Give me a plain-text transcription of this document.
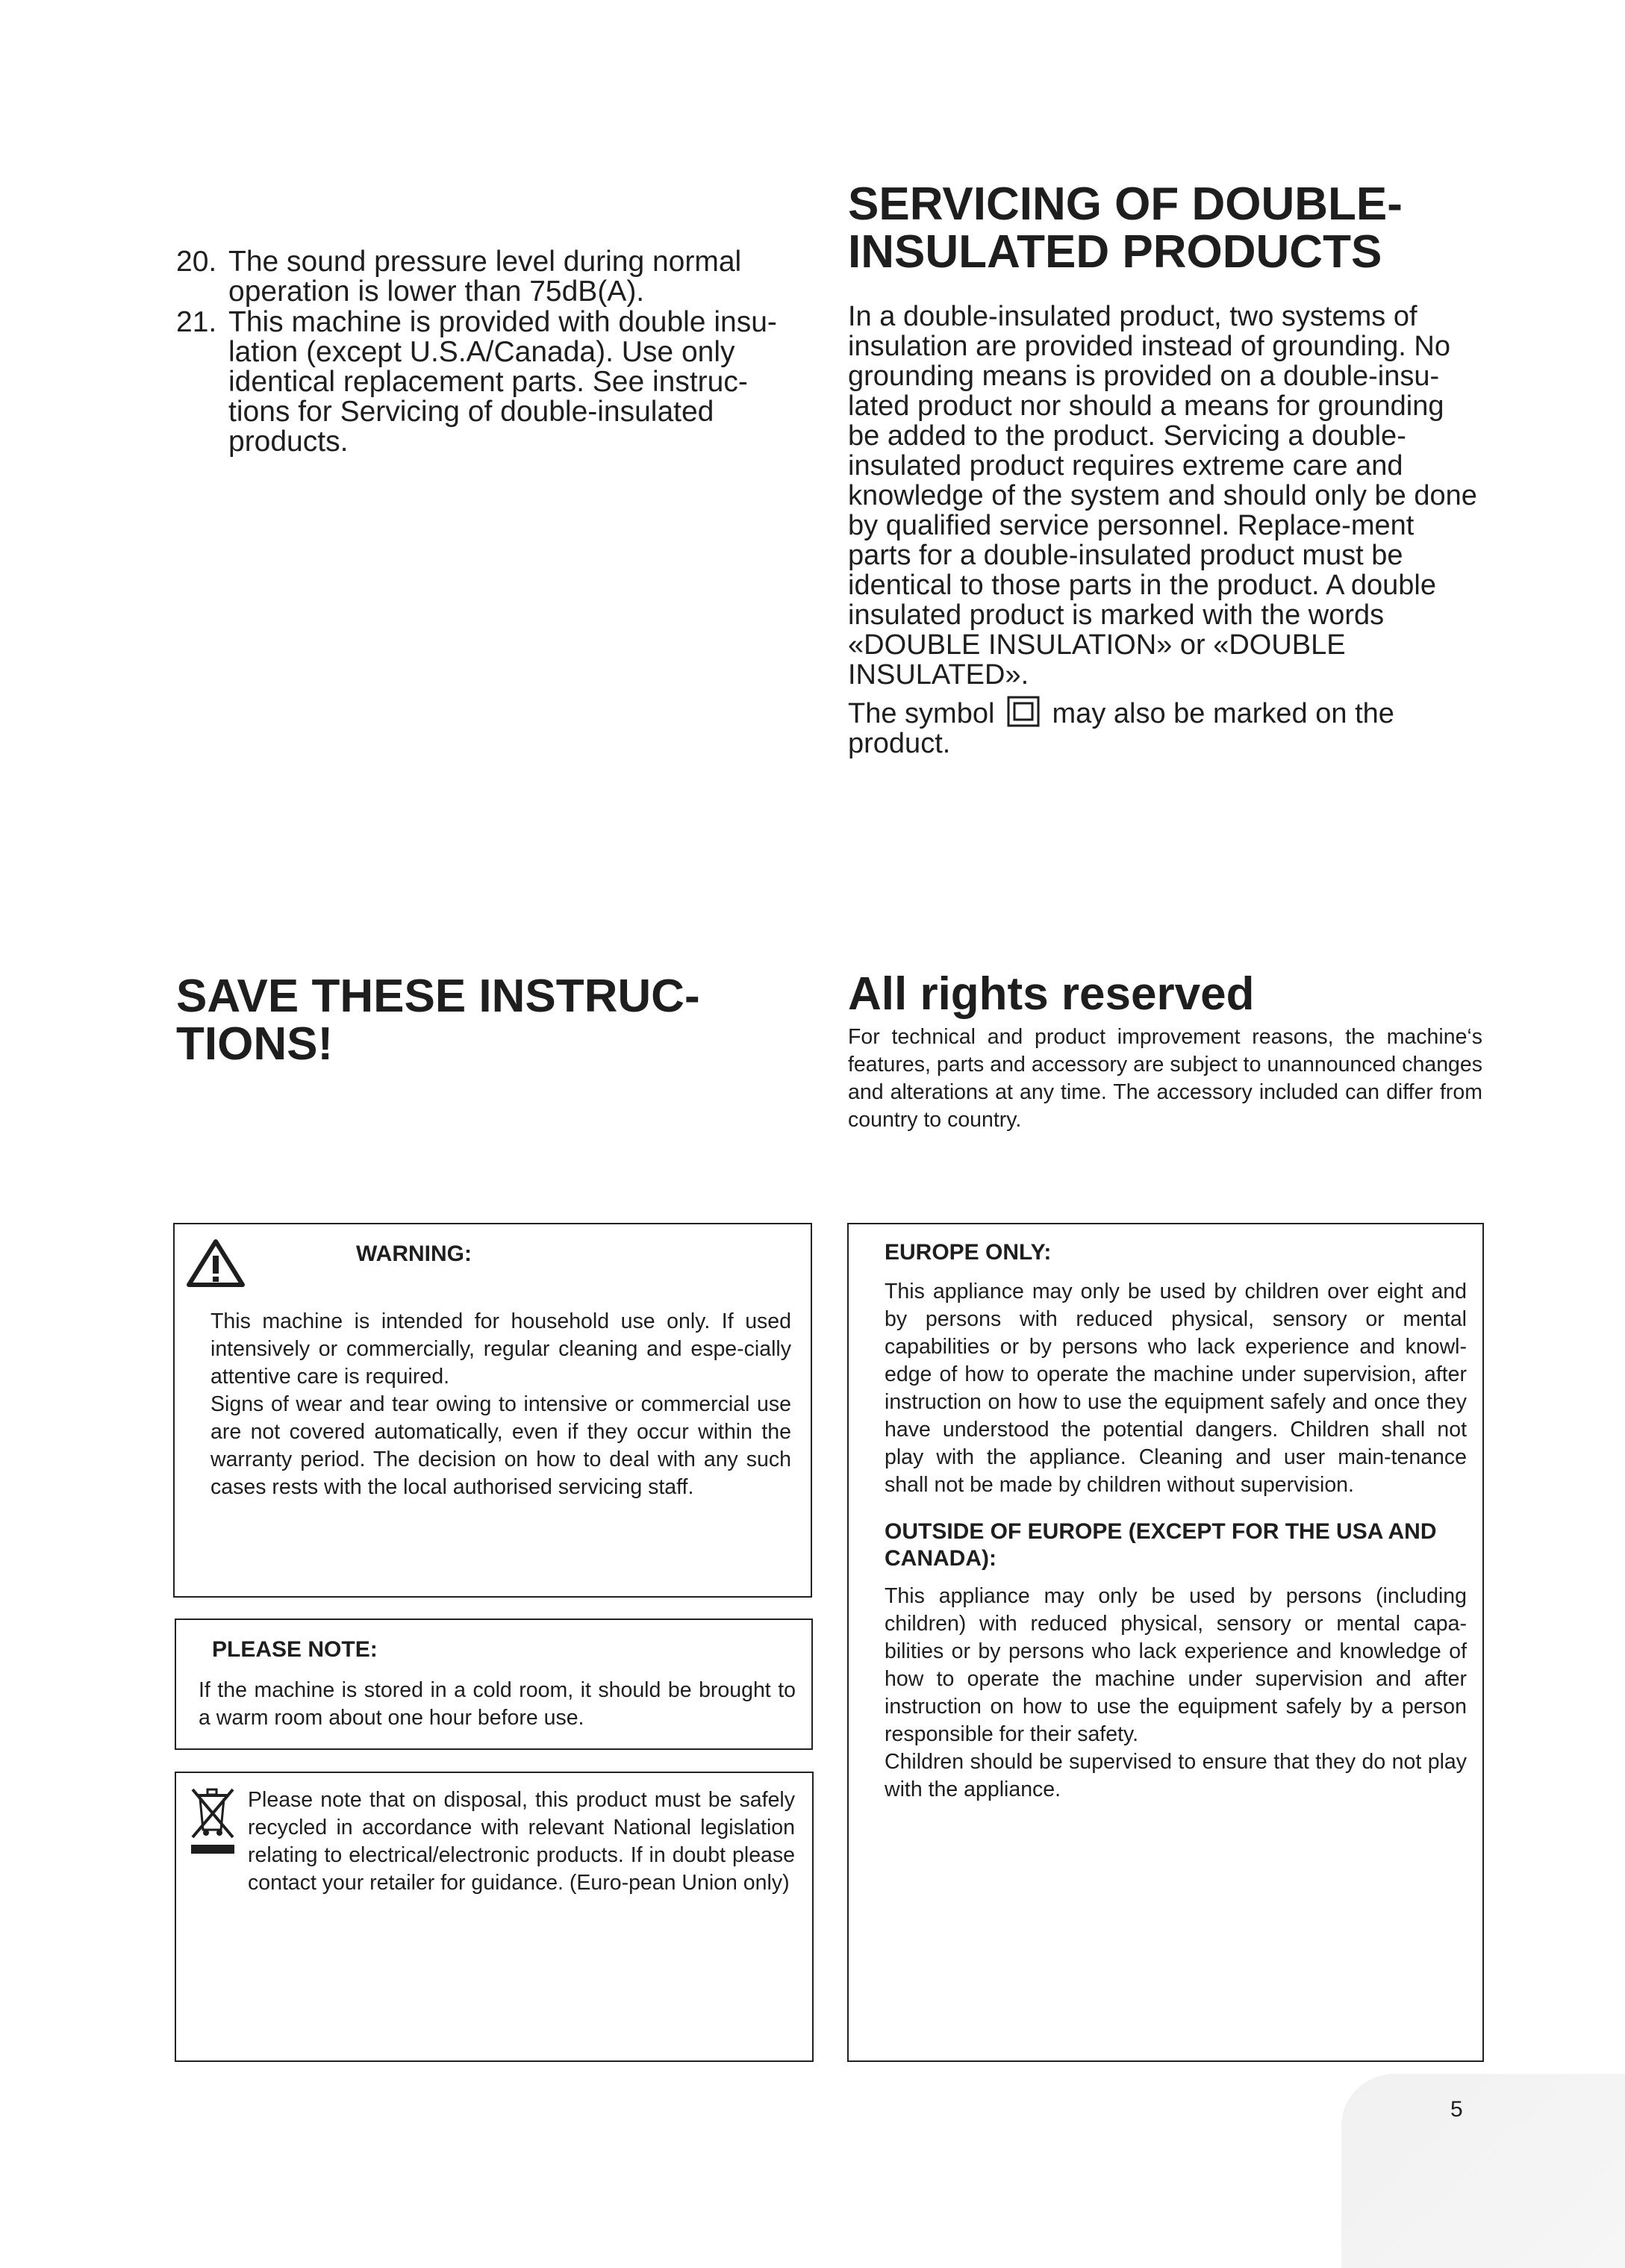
20. The sound pressure level during normal operation is lower than 75dB(A).
21. This machine is provided with double insu-lation (except U.S.A/Canada). Use only identical replacement parts. See instruc-tions for Servicing of double-insulated products.
SERVICING OF DOUBLE-
INSULATED PRODUCTS

In a double-insulated product, two systems of insulation are provided instead of grounding. No grounding means is provided on a double-insu-lated product nor should a means for grounding be added to the product. Servicing a double-insulated product requires extreme care and knowledge of the system and should only be done by qualified service personnel. Replace-ment parts for a double-insulated product must be identical to those parts in the product. A double insulated product is marked with the words «DOUBLE INSULATION» or «DOUBLE INSULATED».

The symbol may also be marked on the product.

SAVE THESE INSTRUC-
TIONS!
All rights reserved

For technical and product improvement reasons, the machine‘s features, parts and accessory are subject to unannounced changes and alterations at any time. The accessory included can differ from country to country.

WARNING:

This machine is intended for household use only. If used intensively or commercially, regular cleaning and espe-cially attentive care is required.

Signs of wear and tear owing to intensive or commercial use are not covered automatically, even if they occur within the warranty period. The decision on how to deal with any such cases rests with the local authorised servicing staff.

PLEASE NOTE:

If the machine is stored in a cold room, it should be brought to a warm room about one hour before use.

Please note that on disposal, this product must be safely recycled in accordance with relevant National legislation relating to electrical/electronic products. If in doubt please contact your retailer for guidance. (Euro-pean Union only)

EUROPE ONLY:

This appliance may only be used by children over eight and by persons with reduced physical, sensory or mental capabilities or by persons who lack experience and knowl-edge of how to operate the machine under supervision, after instruction on how to use the equipment safely and once they have understood the potential dangers. Children shall not play with the appliance. Cleaning and user main-tenance shall not be made by children without supervision.

OUTSIDE OF EUROPE (EXCEPT FOR THE USA AND CANADA):

This appliance may only be used by persons (including children) with reduced physical, sensory or mental capa-bilities or by persons who lack experience and knowledge of how to operate the machine under supervision and after instruction on how to use the equipment safely by a person responsible for their safety.

Children should be supervised to ensure that they do not play with the appliance.

5
